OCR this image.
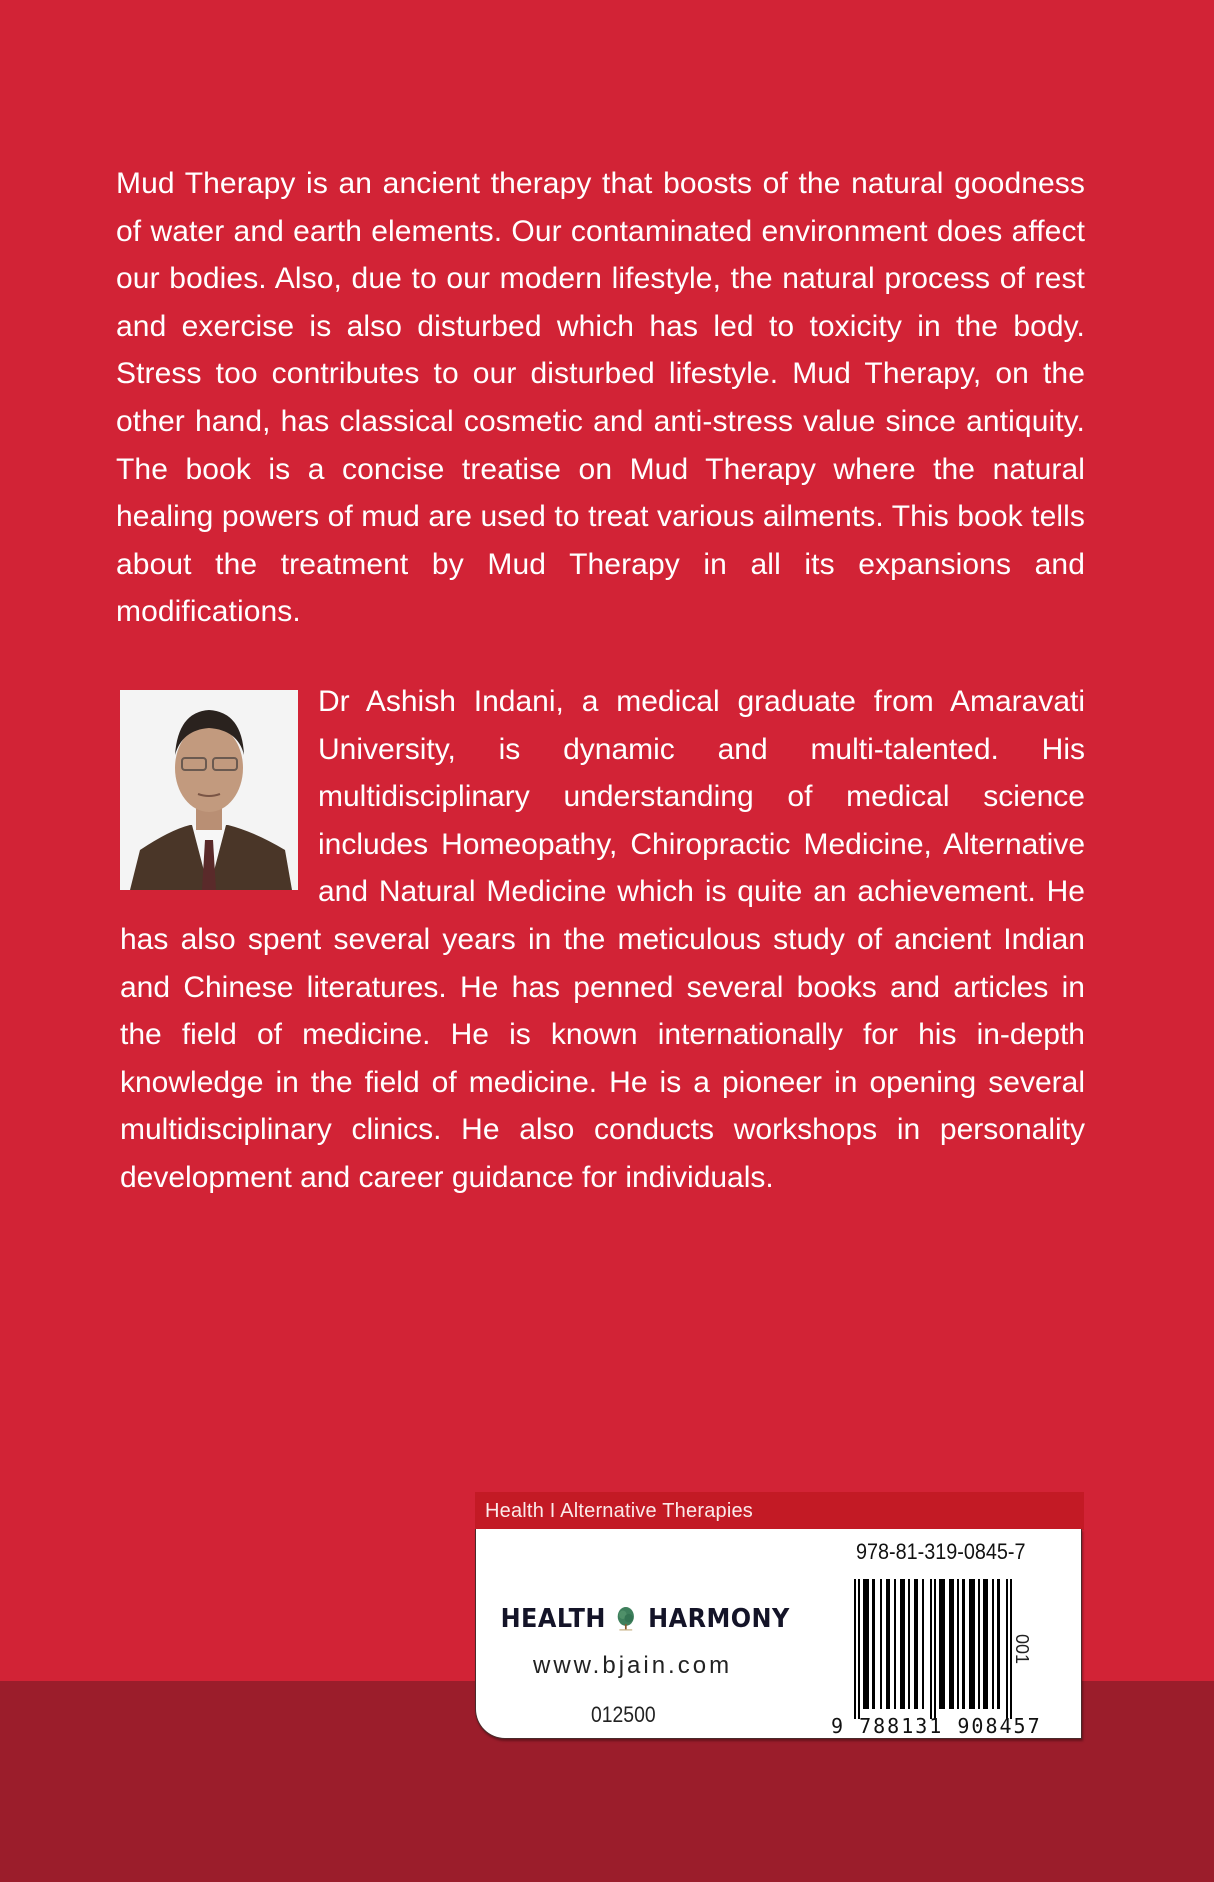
Mud Therapy is an ancient therapy that boosts of the natural goodness of water and earth elements. Our contaminated environment does affect our bodies. Also, due to our modern lifestyle, the natural process of rest and exercise is also disturbed which has led to toxicity in the body. Stress too contributes to our disturbed lifestyle. Mud Therapy, on the other hand, has classical cosmetic and anti-stress value since antiquity. The book is a concise treatise on Mud Therapy where the natural healing powers of mud are used to treat various ailments. This book tells about the treatment by Mud Therapy in all its expansions and modifications.

Dr Ashish Indani, a medical graduate from Amaravati University, is dynamic and multi-talented. His multidisciplinary understanding of medical science includes Homeopathy, Chiropractic Medicine, Alternative and Natural Medicine which is quite an achievement. He has also spent several years in the meticulous study of ancient Indian and Chinese literatures. He has penned several books and articles in the field of medicine. He is known internationally for his in-depth knowledge in the field of medicine. He is a pioneer in opening several multidisciplinary clinics. He also conducts workshops in personality development and career guidance for individuals.

Health I Alternative Therapies
HEALTH HARMONY
www.bjain.com
012500
978-81-319-0845-7
9 788131 908457
001
